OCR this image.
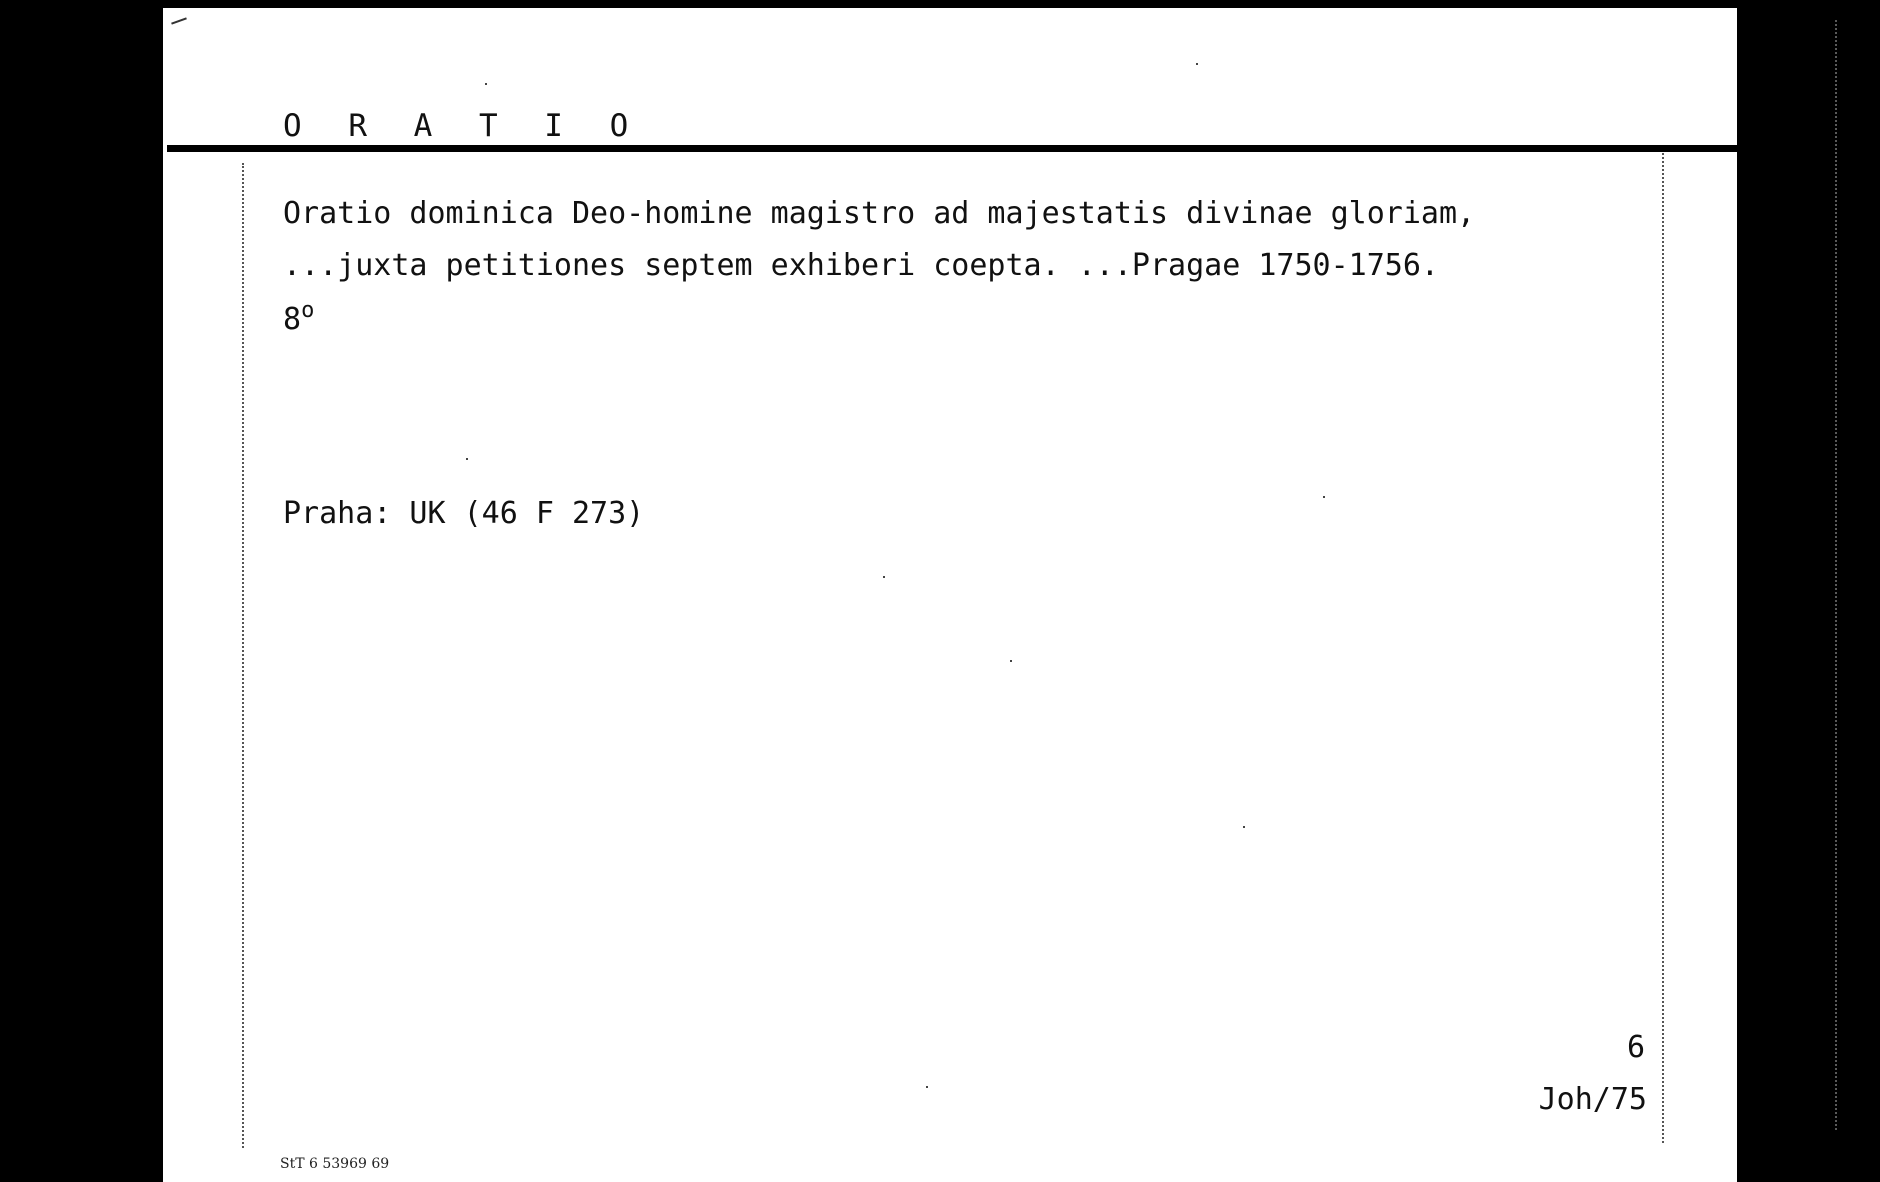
O R A T I O

Oratio dominica Deo-homine magistro ad majestatis divinae gloriam,

...juxta petitiones septem exhiberi coepta. ...Pragae 1750-1756.

8$^o$

Praha: UK (46 F 273)

6
Joh/75
StT 6 53969 69
